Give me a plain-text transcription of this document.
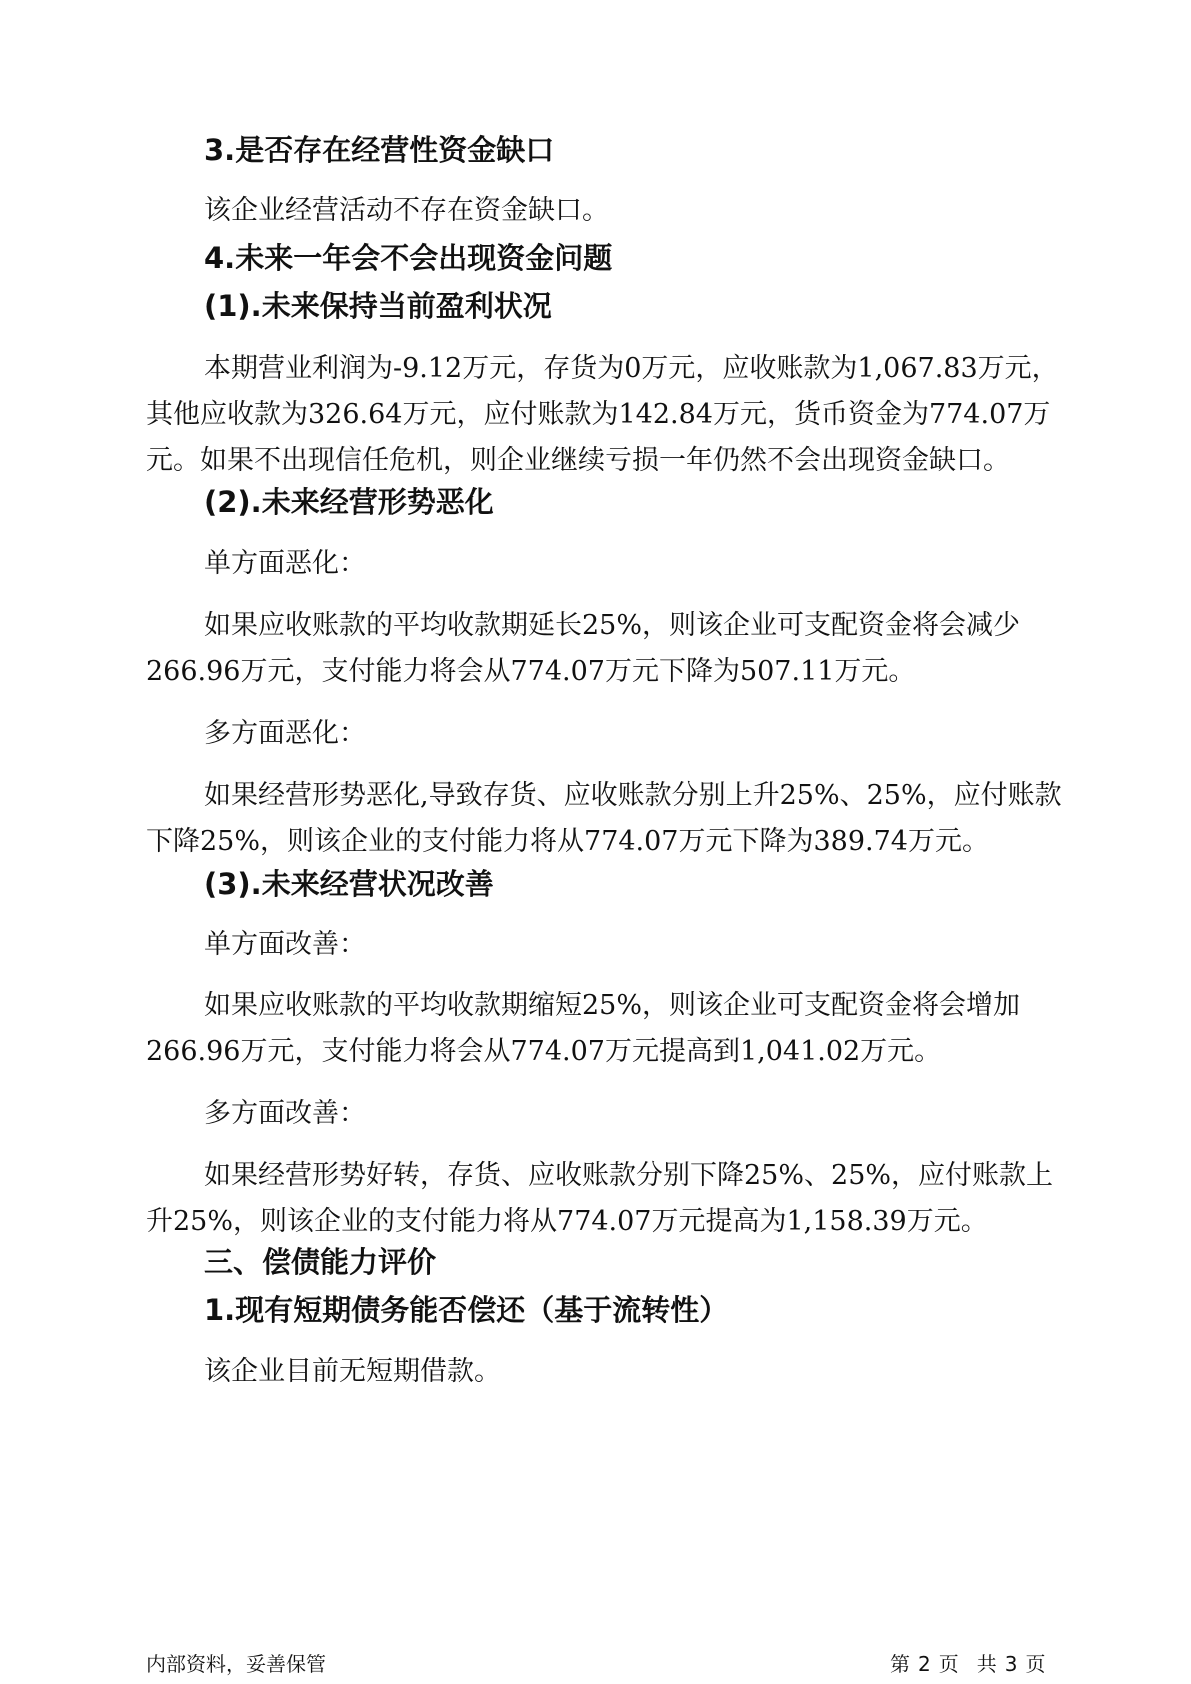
3.是否存在经营性资金缺口
该企业经营活动不存在资金缺口。
4.未来一年会不会出现资金问题
(1).未来保持当前盈利状况
本期营业利润为-9.12万元，存货为0万元，应收账款为1,067.83万元，
其他应收款为326.64万元，应付账款为142.84万元，货币资金为774.07万
元。如果不出现信任危机，则企业继续亏损一年仍然不会出现资金缺口。
(2).未来经营形势恶化
单方面恶化：
如果应收账款的平均收款期延长25%，则该企业可支配资金将会减少
266.96万元，支付能力将会从774.07万元下降为507.11万元。
多方面恶化：
如果经营形势恶化,导致存货、应收账款分别上升25%、25%，应付账款
下降25%，则该企业的支付能力将从774.07万元下降为389.74万元。
(3).未来经营状况改善
单方面改善：
如果应收账款的平均收款期缩短25%，则该企业可支配资金将会增加
266.96万元，支付能力将会从774.07万元提高到1,041.02万元。
多方面改善：
如果经营形势好转，存货、应收账款分别下降25%、25%，应付账款上
升25%，则该企业的支付能力将从774.07万元提高为1,158.39万元。
三、偿债能力评价
1.现有短期债务能否偿还（基于流转性）
该企业目前无短期借款。
内部资料，妥善保管	第 2 页 共 3 页
